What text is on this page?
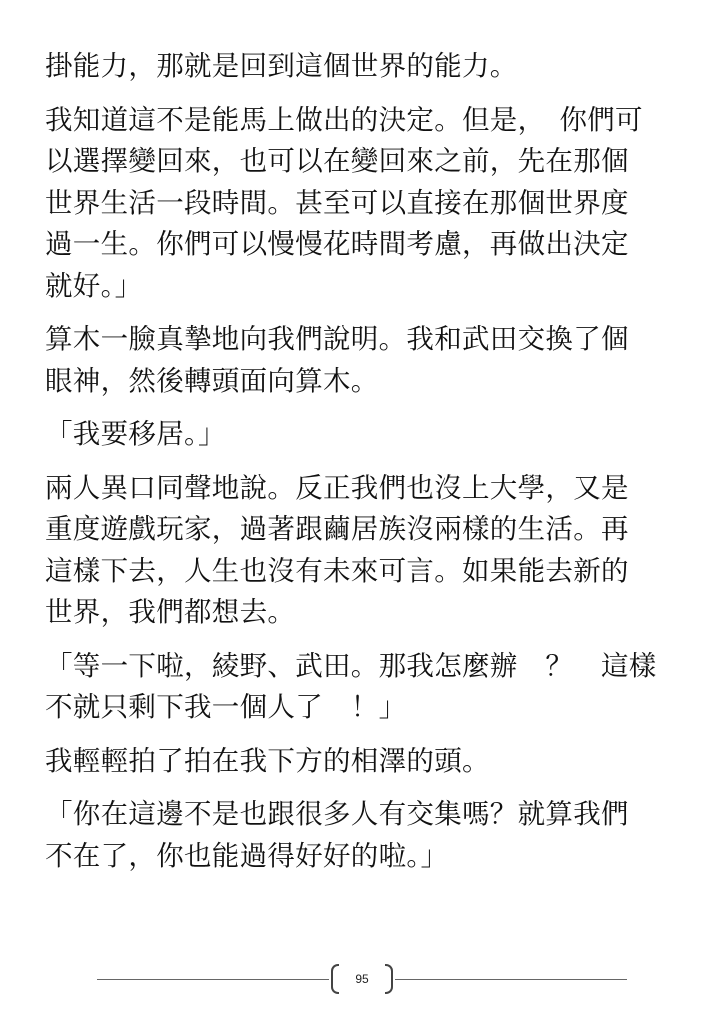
掛能力，那就是回到這個世界的能力。

我知道這不是能馬上做出的決定。但是，　你們可
以選擇變回來，也可以在變回來之前，先在那個
世界生活一段時間。甚至可以直接在那個世界度
過一生。你們可以慢慢花時間考慮，再做出決定
就好。」

算木一臉真摯地向我們說明。我和武田交換了個
眼神，然後轉頭面向算木。

「我要移居。」

兩人異口同聲地說。反正我們也沒上大學，又是
重度遊戲玩家，過著跟繭居族沒兩樣的生活。再
這樣下去，人生也沒有未來可言。如果能去新的
世界，我們都想去。

「等一下啦，綾野、武田。那我怎麼辦　？　這樣
不就只剩下我一個人了　！」

我輕輕拍了拍在我下方的相澤的頭。

「你在這邊不是也跟很多人有交集嗎？就算我們
不在了，你也能過得好好的啦。」

95
